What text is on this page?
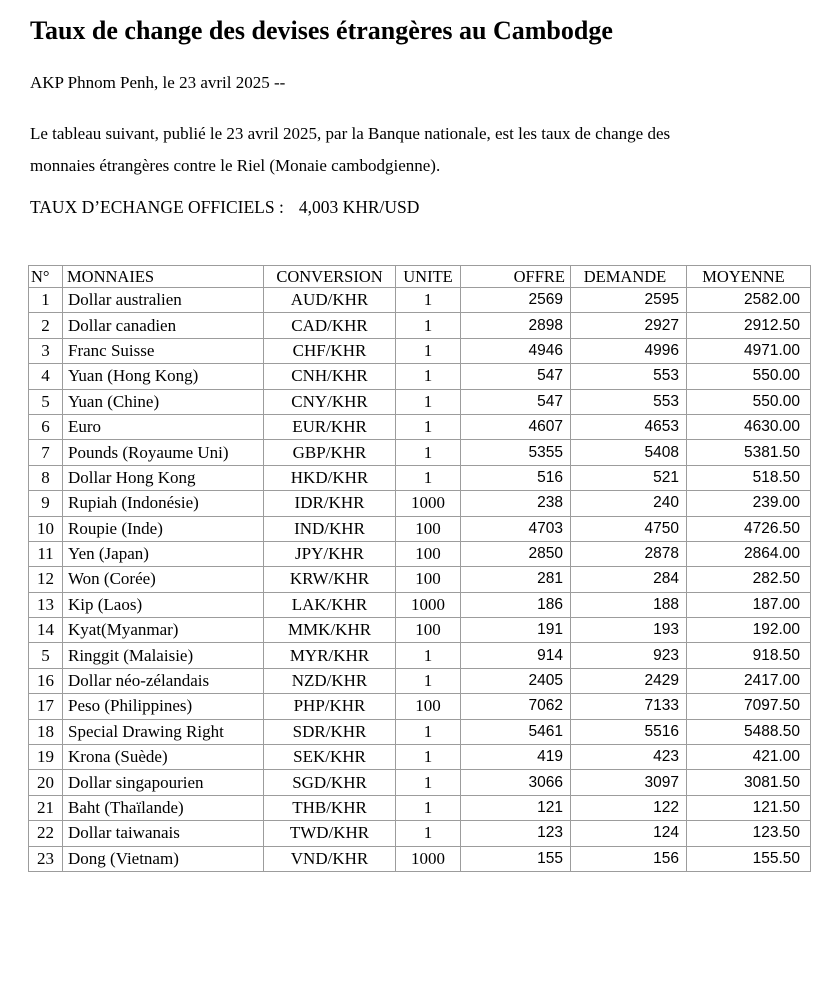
Taux de change des devises étrangères au Cambodge
AKP Phnom Penh, le 23 avril 2025 --
Le tableau suivant, publié le 23 avril 2025, par la Banque nationale, est les taux de change des
monnaies étrangères contre le Riel (Monaie cambodgienne).
TAUX D’ECHANGE OFFICIELS : 4,003 KHR/USD
N°	MONNAIES	CONVERSION	UNITE	OFFRE	DEMANDE	MOYENNE
1	Dollar australien	AUD/KHR	1	2569	2595	2582.00
2	Dollar canadien	CAD/KHR	1	2898	2927	2912.50
3	Franc Suisse	CHF/KHR	1	4946	4996	4971.00
4	Yuan (Hong Kong)	CNH/KHR	1	547	553	550.00
5	Yuan (Chine)	CNY/KHR	1	547	553	550.00
6	Euro	EUR/KHR	1	4607	4653	4630.00
7	Pounds (Royaume Uni)	GBP/KHR	1	5355	5408	5381.50
8	Dollar Hong Kong	HKD/KHR	1	516	521	518.50
9	Rupiah (Indonésie)	IDR/KHR	1000	238	240	239.00
10	Roupie (Inde)	IND/KHR	100	4703	4750	4726.50
11	Yen (Japan)	JPY/KHR	100	2850	2878	2864.00
12	Won (Corée)	KRW/KHR	100	281	284	282.50
13	Kip (Laos)	LAK/KHR	1000	186	188	187.00
14	Kyat(Myanmar)	MMK/KHR	100	191	193	192.00
5	Ringgit (Malaisie)	MYR/KHR	1	914	923	918.50
16	Dollar néo-zélandais	NZD/KHR	1	2405	2429	2417.00
17	Peso (Philippines)	PHP/KHR	100	7062	7133	7097.50
18	Special Drawing Right	SDR/KHR	1	5461	5516	5488.50
19	Krona (Suède)	SEK/KHR	1	419	423	421.00
20	Dollar singapourien	SGD/KHR	1	3066	3097	3081.50
21	Baht (Thaïlande)	THB/KHR	1	121	122	121.50
22	Dollar taiwanais	TWD/KHR	1	123	124	123.50
23	Dong (Vietnam)	VND/KHR	1000	155	156	155.50
